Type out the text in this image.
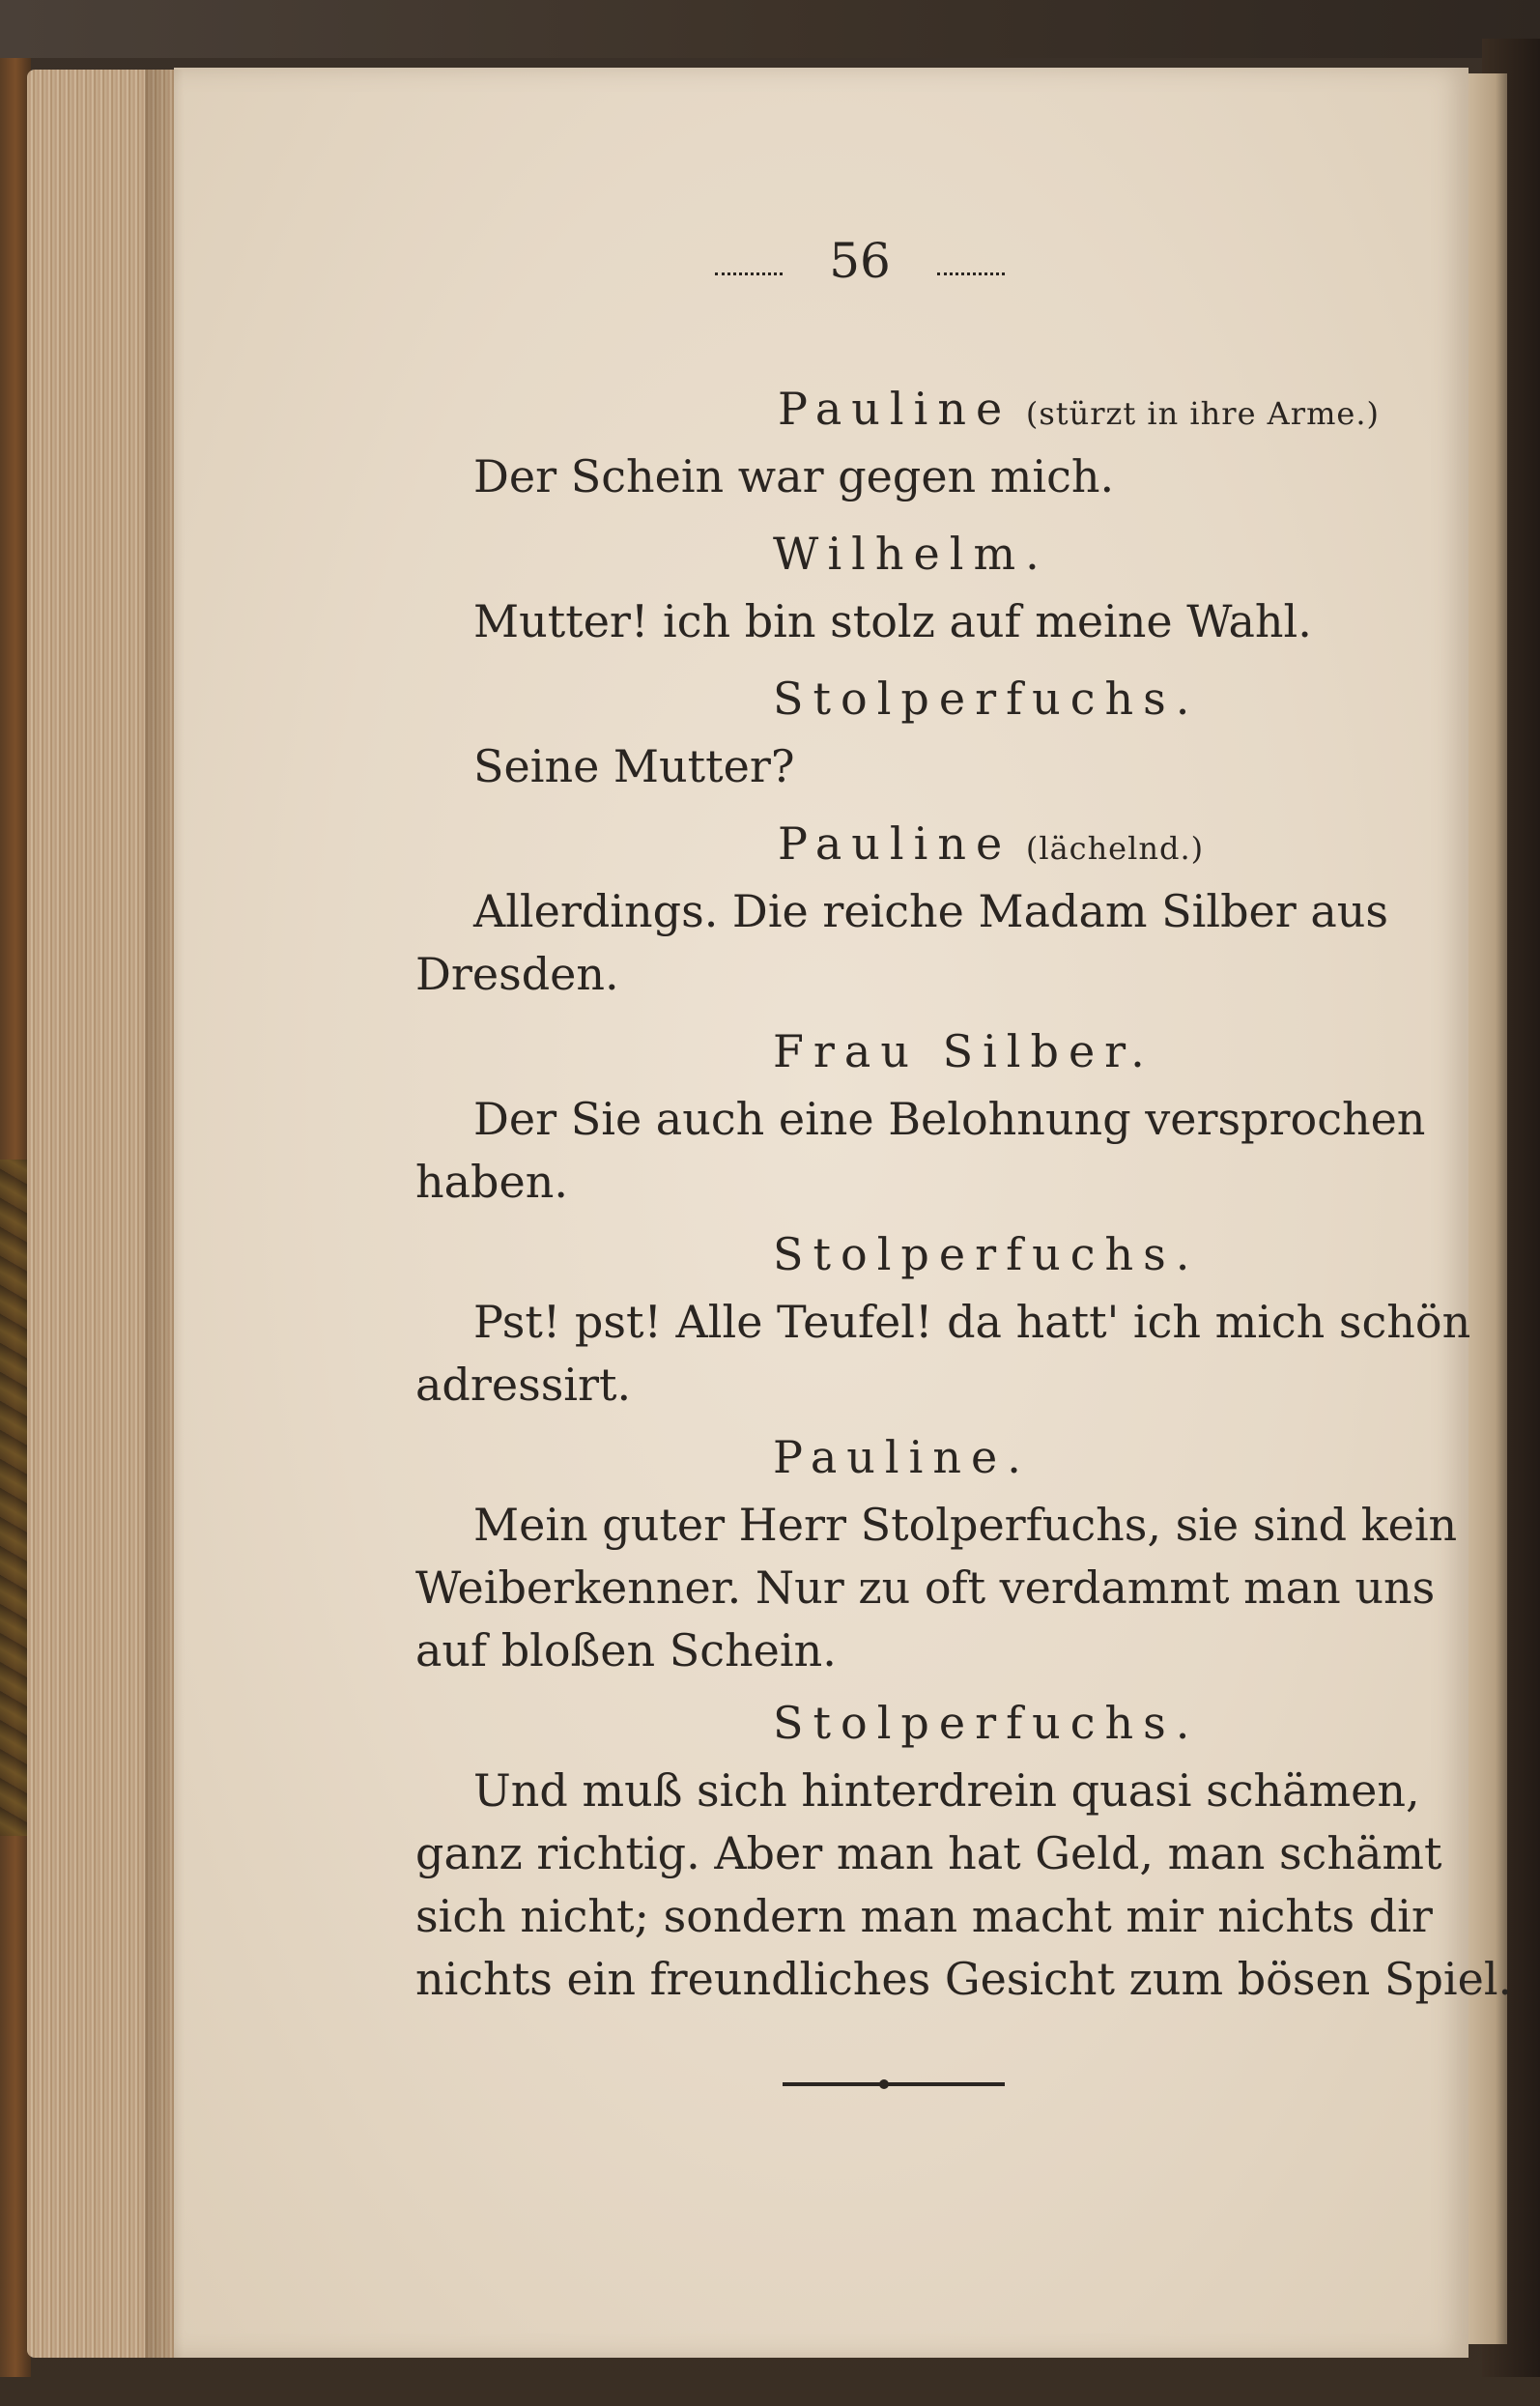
56
Pauline (stürzt in ihre Arme.)
Der Schein war gegen mich.
Wilhelm.
Mutter! ich bin stolz auf meine Wahl.
Stolperfuchs.
Seine Mutter?
Pauline (lächelnd.)
Allerdings. Die reiche Madam Silber aus
Dresden.
Frau Silber.
Der Sie auch eine Belohnung versprochen
haben.
Stolperfuchs.
Pst! pst! Alle Teufel! da hatt' ich mich schön
adressirt.
Pauline.
Mein guter Herr Stolperfuchs, sie sind kein
Weiberkenner. Nur zu oft verdammt man uns
auf bloßen Schein.
Stolperfuchs.
Und muß sich hinterdrein quasi schämen,
ganz richtig. Aber man hat Geld, man schämt
sich nicht; sondern man macht mir nichts dir
nichts ein freundliches Gesicht zum bösen Spiel.
